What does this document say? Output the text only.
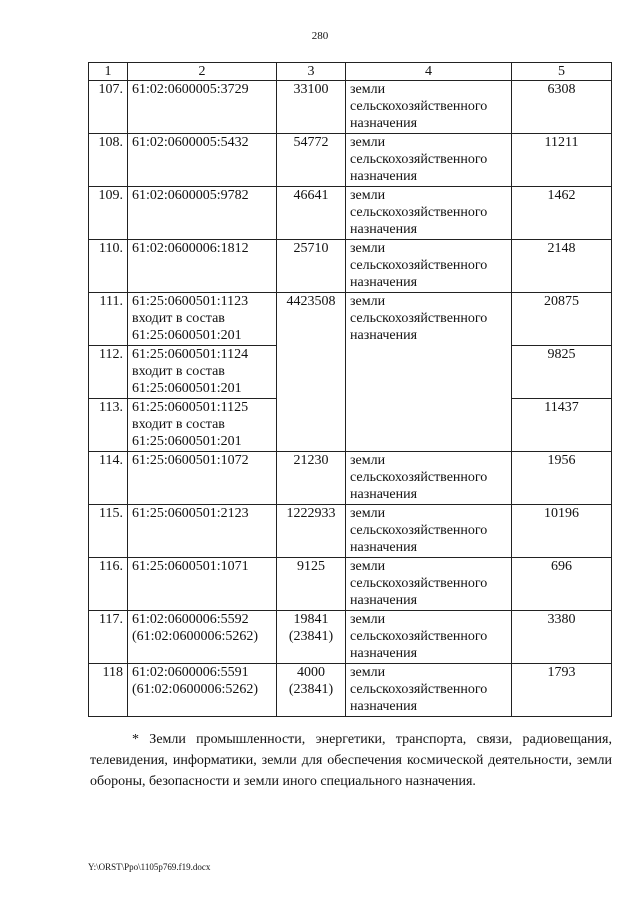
280
1	2	3	4	5
107.	61:02:0600005:3729	33100	земли
сельскохозяйственного
назначения	6308
108.	61:02:0600005:5432	54772	земли
сельскохозяйственного
назначения	11211
109.	61:02:0600005:9782	46641	земли
сельскохозяйственного
назначения	1462
110.	61:02:0600006:1812	25710	земли
сельскохозяйственного
назначения	2148
111.	61:25:0600501:1123
входит в состав
61:25:0600501:201	4423508	земли
сельскохозяйственного
назначения	20875
112.	61:25:0600501:1124
входит в состав
61:25:0600501:201			9825
113.	61:25:0600501:1125
входит в состав
61:25:0600501:201			11437
114.	61:25:0600501:1072	21230	земли
сельскохозяйственного
назначения	1956
115.	61:25:0600501:2123	1222933	земли
сельскохозяйственного
назначения	10196
116.	61:25:0600501:1071	9125	земли
сельскохозяйственного
назначения	696
117.	61:02:0600006:5592
(61:02:0600006:5262)	19841
(23841)	земли
сельскохозяйственного
назначения	3380
118	61:02:0600006:5591
(61:02:0600006:5262)	4000
(23841)	земли
сельскохозяйственного
назначения	1793
* Земли промышленности, энергетики, транспорта, связи, радиовещания, телевидения, информатики, земли для обеспечения космической деятельности, земли обороны, безопасности и земли иного специального назначения.
Y:\ORST\Ppo\1105p769.f19.docx
